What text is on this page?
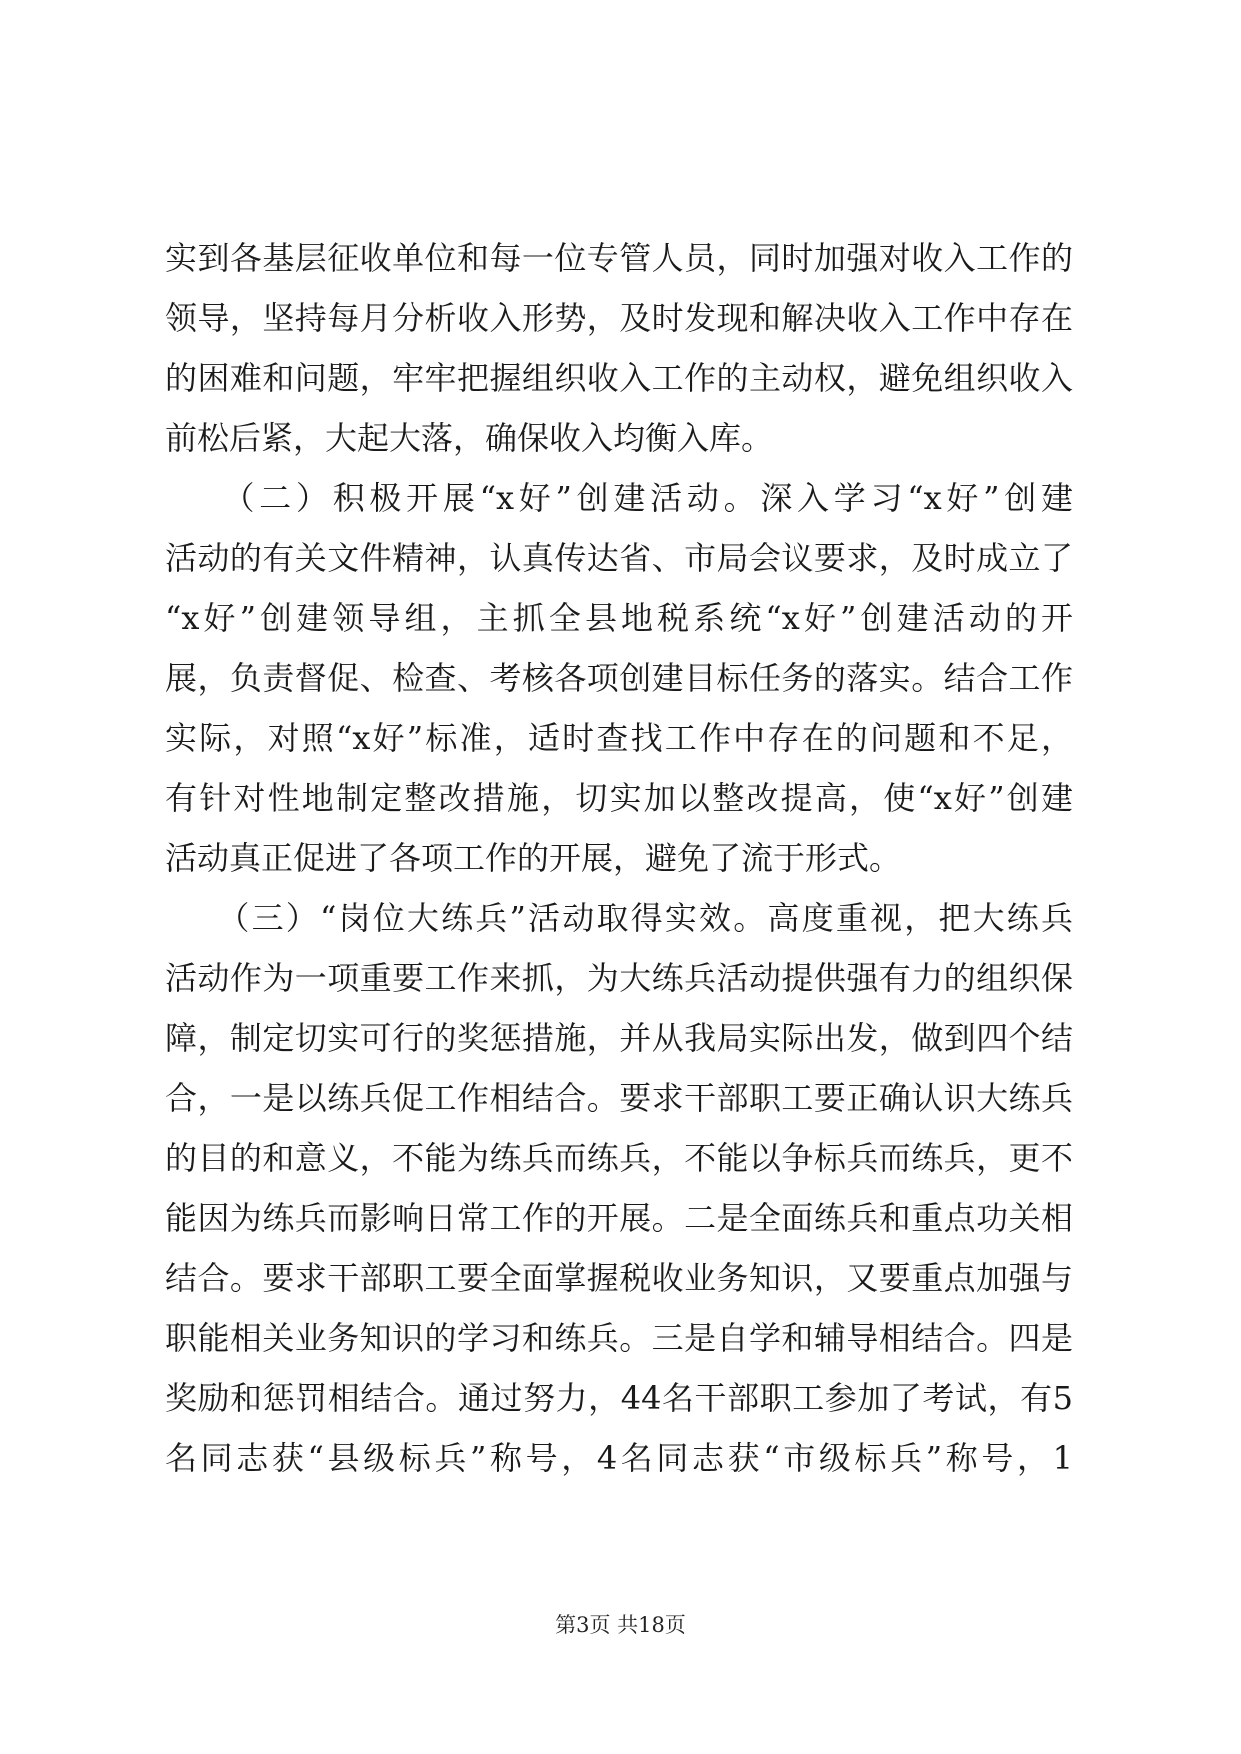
实到各基层征收单位和每一位专管人员，同时加强对收入工作的
领导，坚持每月分析收入形势，及时发现和解决收入工作中存在
的困难和问题，牢牢把握组织收入工作的主动权，避免组织收入
前松后紧，大起大落，确保收入均衡入库。
　　（二）积极开展“x好”创建活动。深入学习“x好”创建
活动的有关文件精神，认真传达省、市局会议要求，及时成立了
“x好”创建领导组，主抓全县地税系统“x好”创建活动的开
展，负责督促、检查、考核各项创建目标任务的落实。结合工作
实际，对照“x好”标准，适时查找工作中存在的问题和不足，
有针对性地制定整改措施，切实加以整改提高，使“x好”创建
活动真正促进了各项工作的开展，避免了流于形式。
　　（三）“岗位大练兵”活动取得实效。高度重视，把大练兵
活动作为一项重要工作来抓，为大练兵活动提供强有力的组织保
障，制定切实可行的奖惩措施，并从我局实际出发，做到四个结
合，一是以练兵促工作相结合。要求干部职工要正确认识大练兵
的目的和意义，不能为练兵而练兵，不能以争标兵而练兵，更不
能因为练兵而影响日常工作的开展。二是全面练兵和重点功关相
结合。要求干部职工要全面掌握税收业务知识，又要重点加强与
职能相关业务知识的学习和练兵。三是自学和辅导相结合。四是
奖励和惩罚相结合。通过努力，44名干部职工参加了考试，有5
名同志获“县级标兵”称号，4名同志获“市级标兵”称号，1
第3页 共18页
